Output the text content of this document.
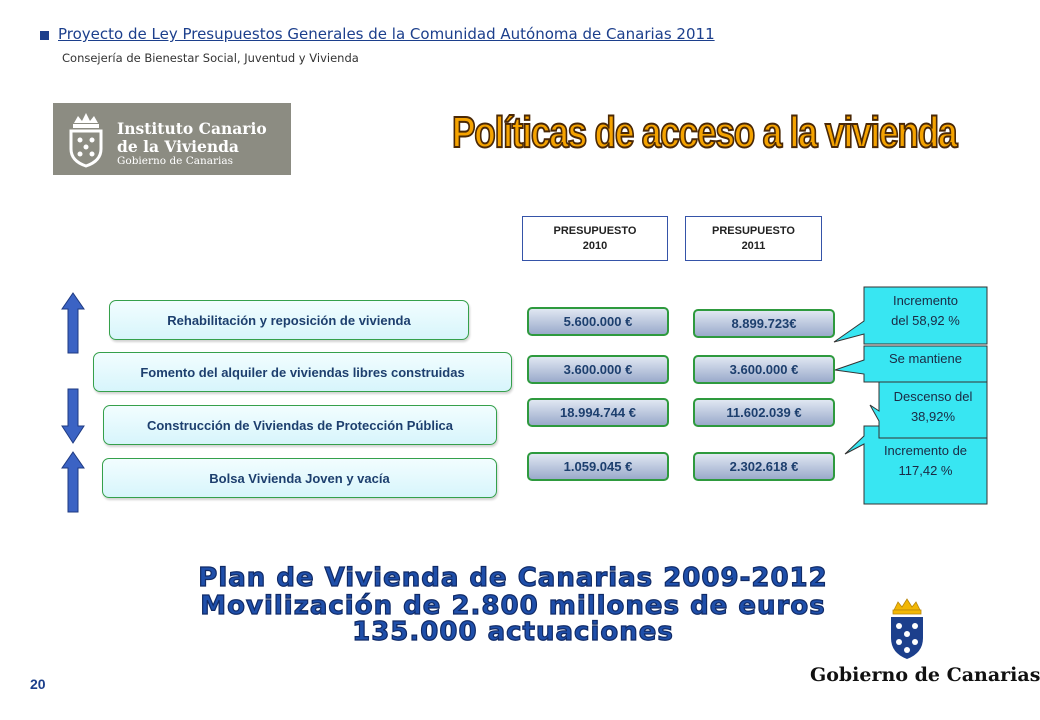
Proyecto de Ley Presupuestos Generales de la Comunidad Autónoma de Canarias 2011
Consejería de Bienestar Social, Juventud y Vivienda
Instituto Canario
de la Vivienda
Gobierno de Canarias
Políticas de acceso a la vivienda
PRESUPUESTO
2010
PRESUPUESTO
2011
Rehabilitación y reposición de vivienda
Fomento del alquiler de viviendas libres construidas
Construcción de Viviendas de Protección Pública
Bolsa Vivienda Joven y vacía
5.600.000 €
3.600.000 €
18.994.744 €
1.059.045 €
8.899.723€
3.600.000 €
11.602.039 €
2.302.618 €
Incremento
del 58,92 %
Se mantiene
Descenso del
38,92%
Incremento de
117,42 %
Plan de Vivienda de Canarias 2009-2012
Movilización de 2.800 millones de euros
135.000 actuaciones
20	Gobierno de Canarias
